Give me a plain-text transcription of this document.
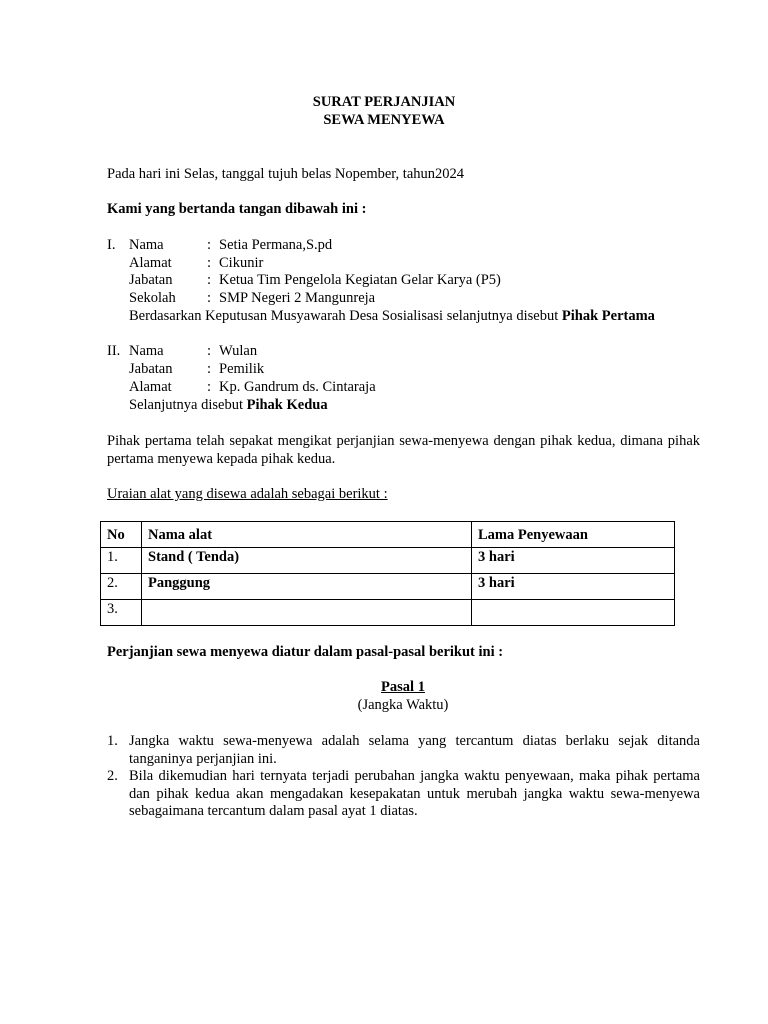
SURAT PERJANJIAN
SEWA MENYEWA
Pada hari ini Selas, tanggal tujuh belas Nopember, tahun2024
Kami yang bertanda tangan dibawah ini :
I. Nama	: Setia Permana,S.pd
Alamat : Cikunir
Jabatan : Ketua Tim Pengelola Kegiatan Gelar Karya (P5)
Sekolah : SMP Negeri 2 Mangunreja
Berdasarkan Keputusan Musyawarah Desa Sosialisasi selanjutnya disebut Pihak Pertama
II. Nama	: Wulan
Jabatan : Pemilik
Alamat : Kp. Gandrum ds. Cintaraja
Selanjutnya disebut Pihak Kedua
Pihak pertama telah sepakat mengikat perjanjian sewa-menyewa dengan pihak kedua, dimana pihak pertama menyewa kepada pihak kedua.
Uraian alat yang disewa adalah sebagai berikut :
No	Nama alat	Lama Penyewaan
1.	Stand ( Tenda)	3 hari
2.	Panggung	3 hari
3.		
Perjanjian sewa menyewa diatur dalam pasal-pasal berikut ini :
Pasal 1
(Jangka Waktu)
1. Jangka waktu sewa-menyewa adalah selama yang tercantum diatas berlaku sejak ditanda tanganinya perjanjian ini.
2. Bila dikemudian hari ternyata terjadi perubahan jangka waktu penyewaan, maka pihak pertama dan pihak kedua akan mengadakan kesepakatan untuk merubah jangka waktu sewa-menyewa sebagaimana tercantum dalam pasal ayat 1 diatas.
